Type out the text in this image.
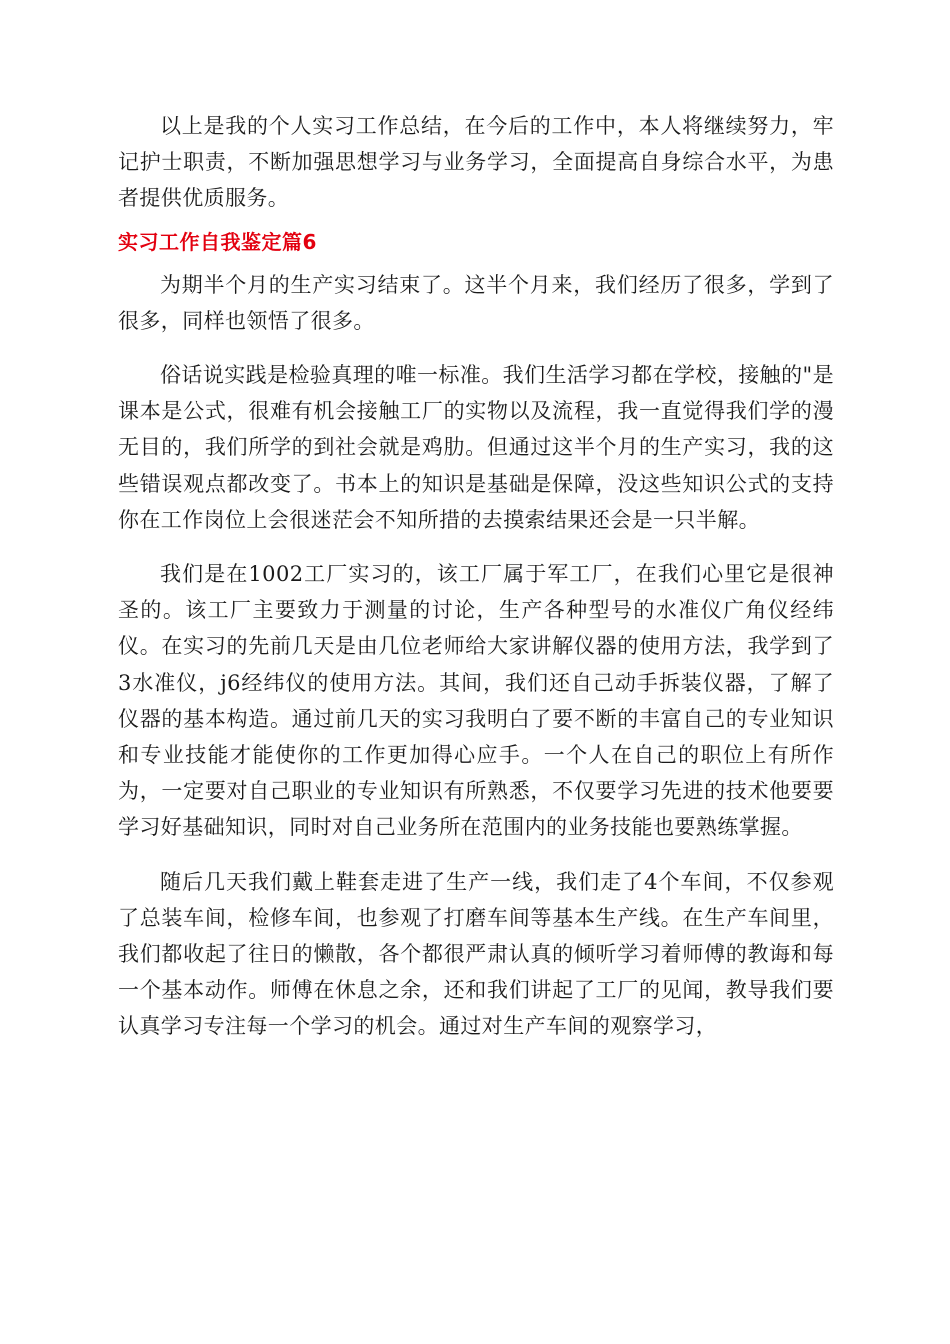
以上是我的个人实习工作总结，在今后的工作中，本人将继续努力，牢记护士职责，不断加强思想学习与业务学习，全面提高自身综合水平，为患者提供优质服务。

实习工作自我鉴定篇6

为期半个月的生产实习结束了。这半个月来，我们经历了很多，学到了很多，同样也领悟了很多。

俗话说实践是检验真理的唯一标准。我们生活学习都在学校，接触的"是课本是公式，很难有机会接触工厂的实物以及流程，我一直觉得我们学的漫无目的，我们所学的到社会就是鸡肋。但通过这半个月的生产实习，我的这些错误观点都改变了。书本上的知识是基础是保障，没这些知识公式的支持你在工作岗位上会很迷茫会不知所措的去摸索结果还会是一只半解。

我们是在1002工厂实习的，该工厂属于军工厂，在我们心里它是很神圣的。该工厂主要致力于测量的讨论，生产各种型号的水准仪广角仪经纬仪。在实习的先前几天是由几位老师给大家讲解仪器的使用方法，我学到了3水准仪，j6经纬仪的使用方法。其间，我们还自己动手拆装仪器，了解了仪器的基本构造。通过前几天的实习我明白了要不断的丰富自己的专业知识和专业技能才能使你的工作更加得心应手。一个人在自己的职位上有所作为，一定要对自己职业的专业知识有所熟悉，不仅要学习先进的技术他要要学习好基础知识，同时对自己业务所在范围内的业务技能也要熟练掌握。

随后几天我们戴上鞋套走进了生产一线，我们走了4个车间，不仅参观了总装车间，检修车间，也参观了打磨车间等基本生产线。在生产车间里，我们都收起了往日的懒散，各个都很严肃认真的倾听学习着师傅的教诲和每一个基本动作。师傅在休息之余，还和我们讲起了工厂的见闻，教导我们要认真学习专注每一个学习的机会。通过对生产车间的观察学习，
